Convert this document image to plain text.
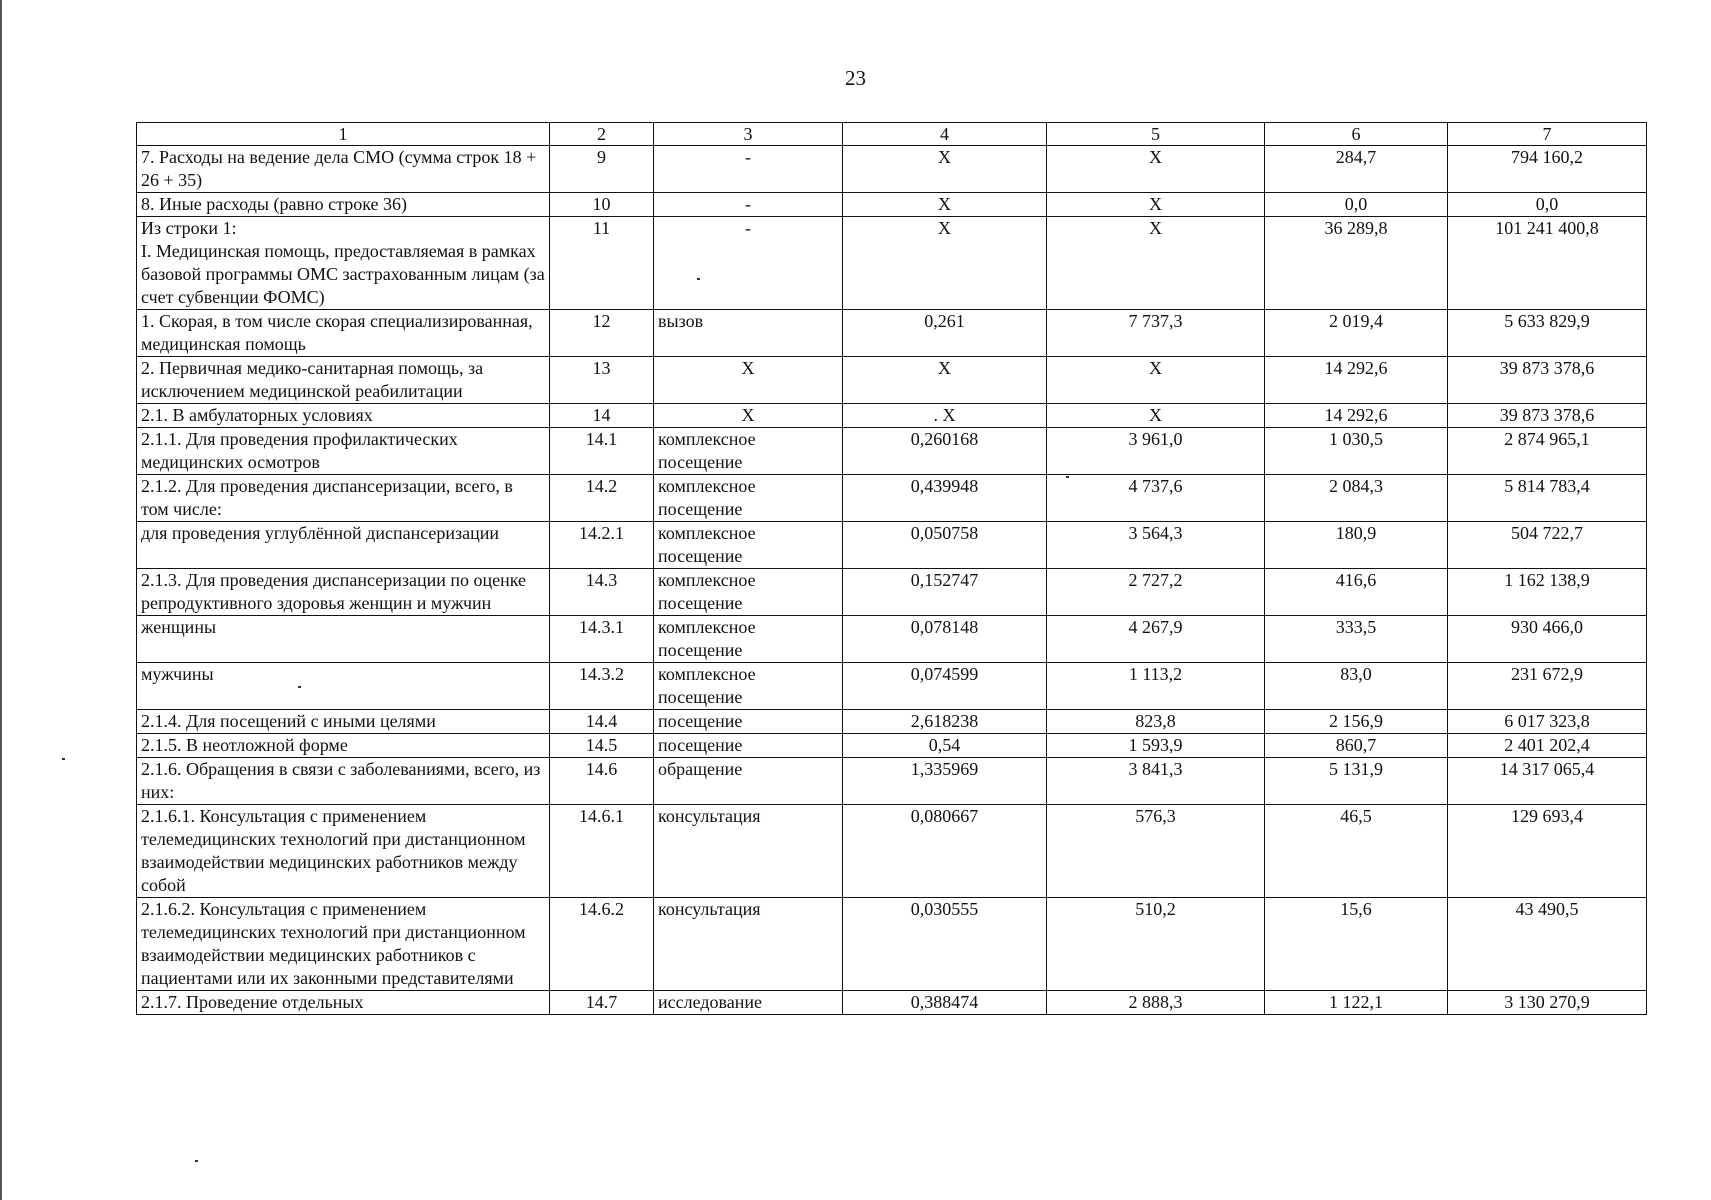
23
1	2	3	4	5	6	7
7. Расходы на ведение дела СМО (сумма строк 18 + 26 + 35)	9	-	X	X	284,7	794 160,2
8. Иные расходы (равно строке 36)	10	-	X	X	0,0	0,0
Из строки 1:
I. Медицинская помощь, предоставляемая в рамках базовой программы ОМС застрахованным лицам (за счет субвенции ФОМС)	11	-	X	X	36 289,8	101 241 400,8
1. Скорая, в том числе скорая специализированная, медицинская помощь	12	вызов	0,261	7 737,3	2 019,4	5 633 829,9
2. Первичная медико-санитарная помощь, за исключением медицинской реабилитации	13	X	X	X	14 292,6	39 873 378,6
2.1. В амбулаторных условиях	14	X	. X	X	14 292,6	39 873 378,6
2.1.1. Для проведения профилактических медицинских осмотров	14.1	комплексное посещение	0,260168	3 961,0	1 030,5	2 874 965,1
2.1.2. Для проведения диспансеризации, всего, в том числе:	14.2	комплексное посещение	0,439948	4 737,6	2 084,3	5 814 783,4
для проведения углублённой диспансеризации	14.2.1	комплексное посещение	0,050758	3 564,3	180,9	504 722,7
2.1.3. Для проведения диспансеризации по оценке репродуктивного здоровья женщин и мужчин	14.3	комплексное посещение	0,152747	2 727,2	416,6	1 162 138,9
женщины	14.3.1	комплексное посещение	0,078148	4 267,9	333,5	930 466,0
мужчины	14.3.2	комплексное посещение	0,074599	1 113,2	83,0	231 672,9
2.1.4. Для посещений с иными целями	14.4	посещение	2,618238	823,8	2 156,9	6 017 323,8
2.1.5. В неотложной форме	14.5	посещение	0,54	1 593,9	860,7	2 401 202,4
2.1.6. Обращения в связи с заболеваниями, всего, из них:	14.6	обращение	1,335969	3 841,3	5 131,9	14 317 065,4
2.1.6.1. Консультация с применением телемедицинских технологий при дистанционном взаимодействии медицинских работников между собой	14.6.1	консультация	0,080667	576,3	46,5	129 693,4
2.1.6.2. Консультация с применением телемедицинских технологий при дистанционном взаимодействии медицинских работников с пациентами или их законными представителями	14.6.2	консультация	0,030555	510,2	15,6	43 490,5
2.1.7. Проведение отдельных	14.7	исследование	0,388474	2 888,3	1 122,1	3 130 270,9
